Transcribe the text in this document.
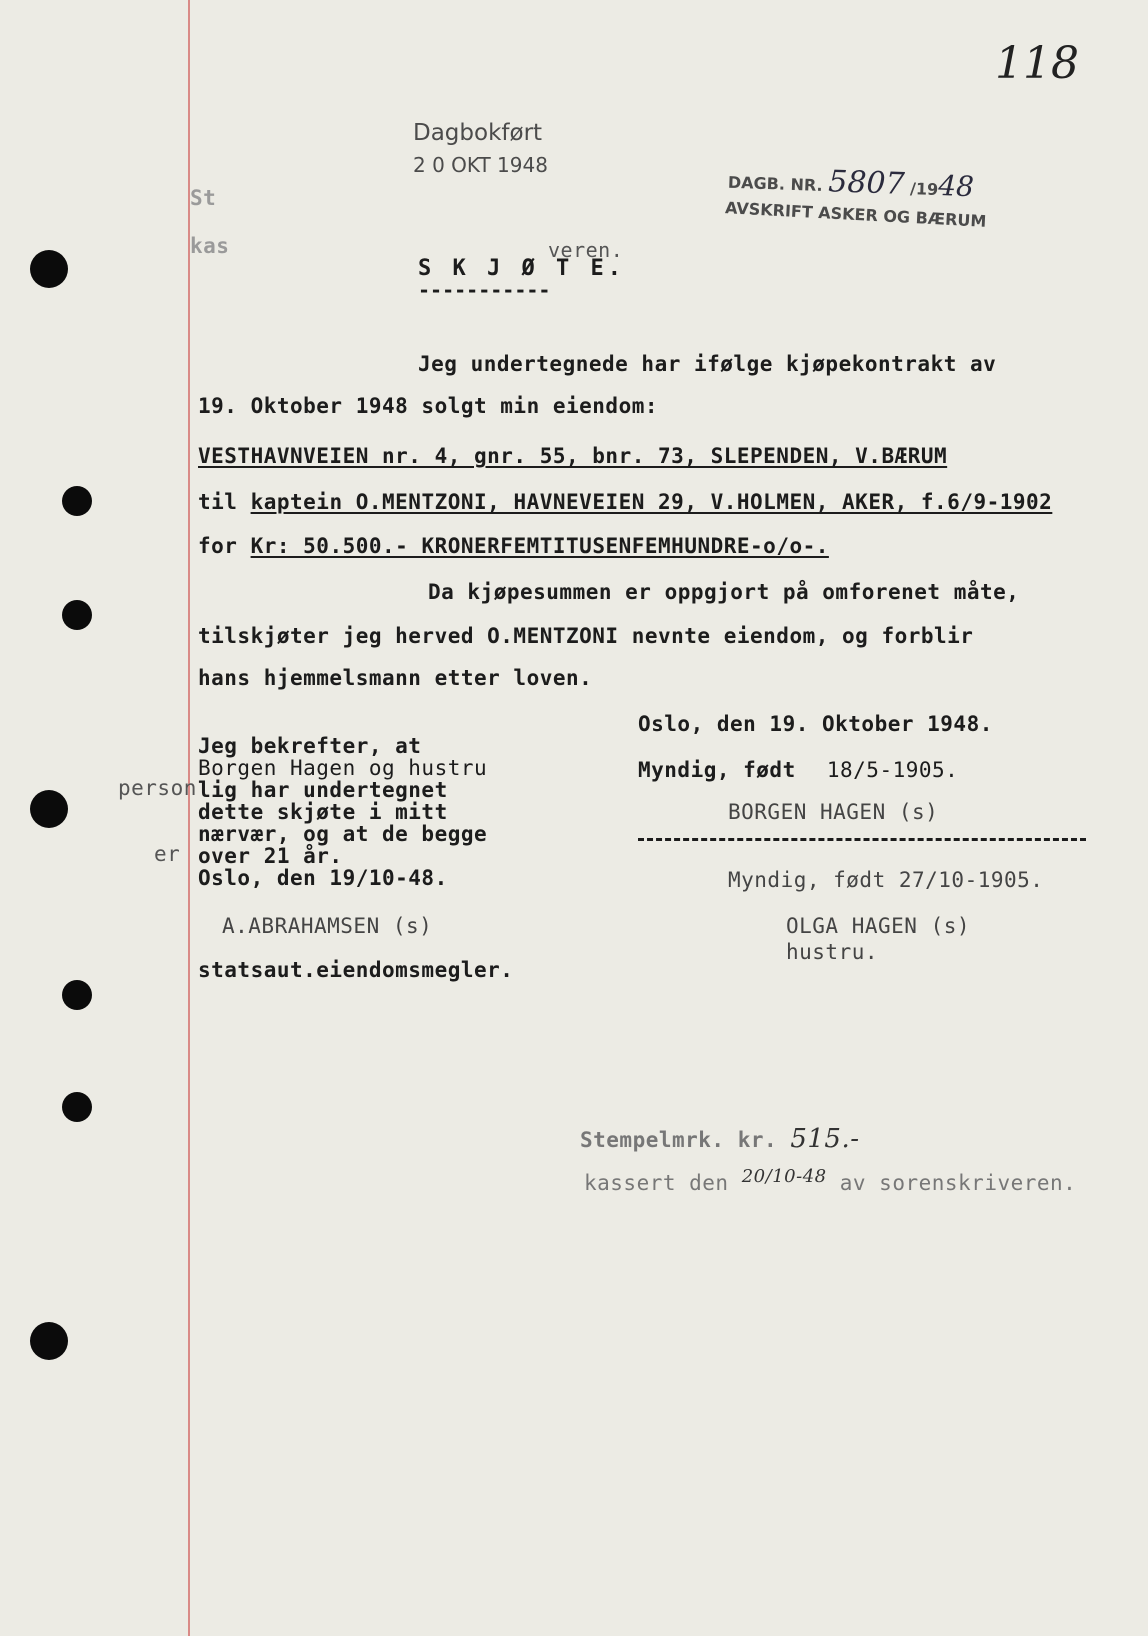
118
Dagbokført
2 0 OKT 1948
DAGB. NR. 5807 /1948
AVSKRIFT ASKER OG BÆRUM
St
kas	veren.
S K J Ø T E.
-----------
Jeg undertegnede har ifølge kjøpekontrakt av
19. Oktober 1948 solgt min eiendom:
VESTHAVNVEIEN nr. 4, gnr. 55, bnr. 73, SLEPENDEN, V.BÆRUM
til kaptein O.MENTZONI, HAVNEVEIEN 29, V.HOLMEN, AKER, f.6/9-1902
for Kr: 50.500.- KRONERFEMTITUSENFEMHUNDRE-o/o-.
Da kjøpesummen er oppgjort på omforenet måte,
tilskjøter jeg herved O.MENTZONI nevnte eiendom, og forblir
hans hjemmelsmann etter loven.
Oslo, den 19. Oktober 1948.
Myndig, født 18/5-1905.
BORGEN HAGEN (s)
Myndig, født 27/10-1905.
OLGA HAGEN (s)
hustru.
Jeg bekrefter, at
Borgen Hagen og hustru
person lig har undertegnet
dette skjøte i mitt
nærvær, og at de begge
er over 21 år.
Oslo, den 19/10-48.
A.ABRAHAMSEN (s)
statsaut.eiendomsmegler.
Stempelmrk. kr. 515.-
kassert den $^{20/10-48}$ av sorenskriveren.
